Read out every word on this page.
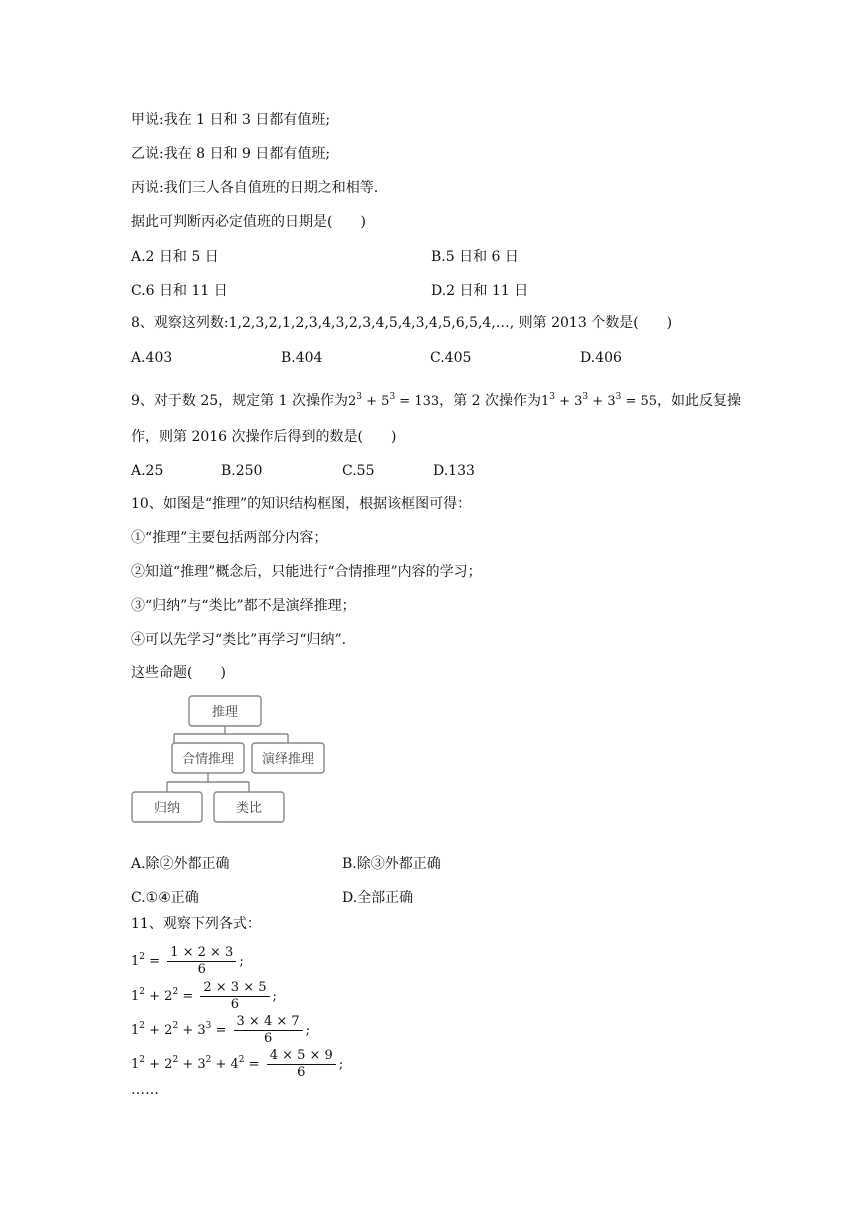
甲说:我在 1 日和 3 日都有值班;
乙说:我在 8 日和 9 日都有值班;
丙说:我们三人各自值班的日期之和相等.
据此可判断丙必定值班的日期是(　　)
A.2 日和 5 日	B.5 日和 6 日
C.6 日和 11 日	D.2 日和 11 日
8、观察这列数:1,2,3,2,1,2,3,4,3,2,3,4,5,4,3,4,5,6,5,4,…, 则第 2013 个数是(　　)
A.403	B.404	C.405	D.406
9、对于数 25，规定第 1 次操作为$2^3 + 5^3 = 133$，第 2 次操作为$1^3 + 3^3 + 3^3 = 55$，如此反复操
作，则第 2016 次操作后得到的数是(　　)
A.25	B.250	C.55	D.133
10、如图是“推理”的知识结构框图，根据该框图可得：
①“推理”主要包括两部分内容；
②知道“推理”概念后，只能进行“合情推理”内容的学习；
③“归纳”与“类比”都不是演绎推理；
④可以先学习“类比”再学习“归纳”.
这些命题(　　)
推理
合情推理 演绎推理
归纳	类比
A.除②外都正确	B.除③外都正确
C.①④正确	D.全部正确
11、观察下列各式：
$1^2 = \frac{1 \times 2 \times 3}{6}$ ;
$1^2 + 2^2 = \frac{2 \times 3 \times 5}{6}$ ;
$1^2 + 2^2 + 3^3 = \frac{3 \times 4 \times 7}{6}$ ;
$1^2 + 2^2 + 3^2 + 4^2 = \frac{4 \times 5 \times 9}{6}$ ;
……
